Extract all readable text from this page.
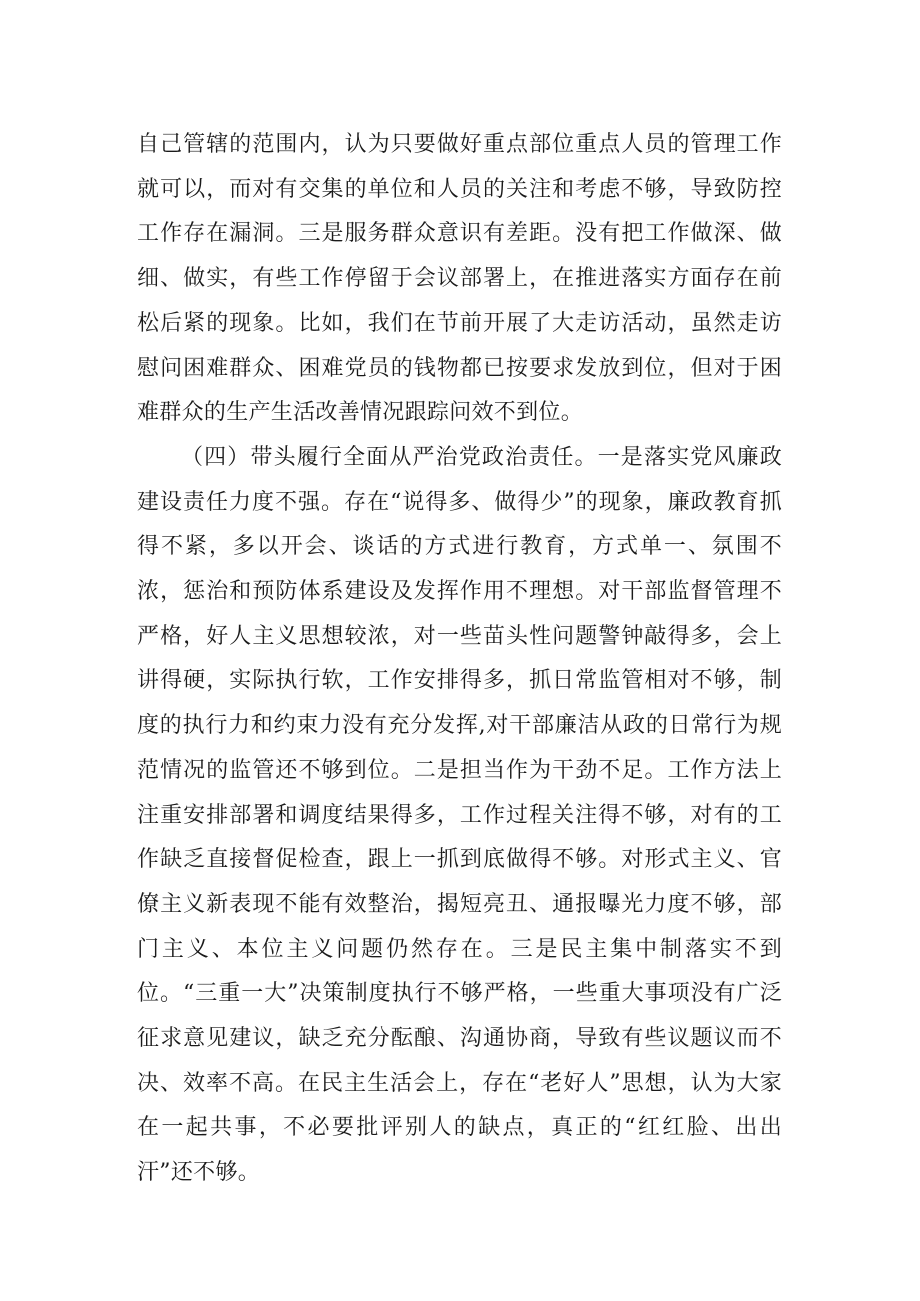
自己管辖的范围内，认为只要做好重点部位重点人员的管理工作就可以，而对有交集的单位和人员的关注和考虑不够，导致防控工作存在漏洞。三是服务群众意识有差距。没有把工作做深、做细、做实，有些工作停留于会议部署上，在推进落实方面存在前松后紧的现象。比如，我们在节前开展了大走访活动，虽然走访慰问困难群众、困难党员的钱物都已按要求发放到位，但对于困难群众的生产生活改善情况跟踪问效不到位。

（四）带头履行全面从严治党政治责任。一是落实党风廉政建设责任力度不强。存在“说得多、做得少”的现象，廉政教育抓得不紧，多以开会、谈话的方式进行教育，方式单一、氛围不浓，惩治和预防体系建设及发挥作用不理想。对干部监督管理不严格，好人主义思想较浓，对一些苗头性问题警钟敲得多，会上讲得硬，实际执行软，工作安排得多，抓日常监管相对不够，制度的执行力和约束力没有充分发挥,对干部廉洁从政的日常行为规范情况的监管还不够到位。二是担当作为干劲不足。工作方法上注重安排部署和调度结果得多，工作过程关注得不够，对有的工作缺乏直接督促检查，跟上一抓到底做得不够。对形式主义、官僚主义新表现不能有效整治，揭短亮丑、通报曝光力度不够，部门主义、本位主义问题仍然存在。三是民主集中制落实不到位。“三重一大”决策制度执行不够严格，一些重大事项没有广泛征求意见建议，缺乏充分酝酿、沟通协商，导致有些议题议而不决、效率不高。在民主生活会上，存在“老好人”思想，认为大家在一起共事，不必要批评别人的缺点，真正的“红红脸、出出汗”还不够。
